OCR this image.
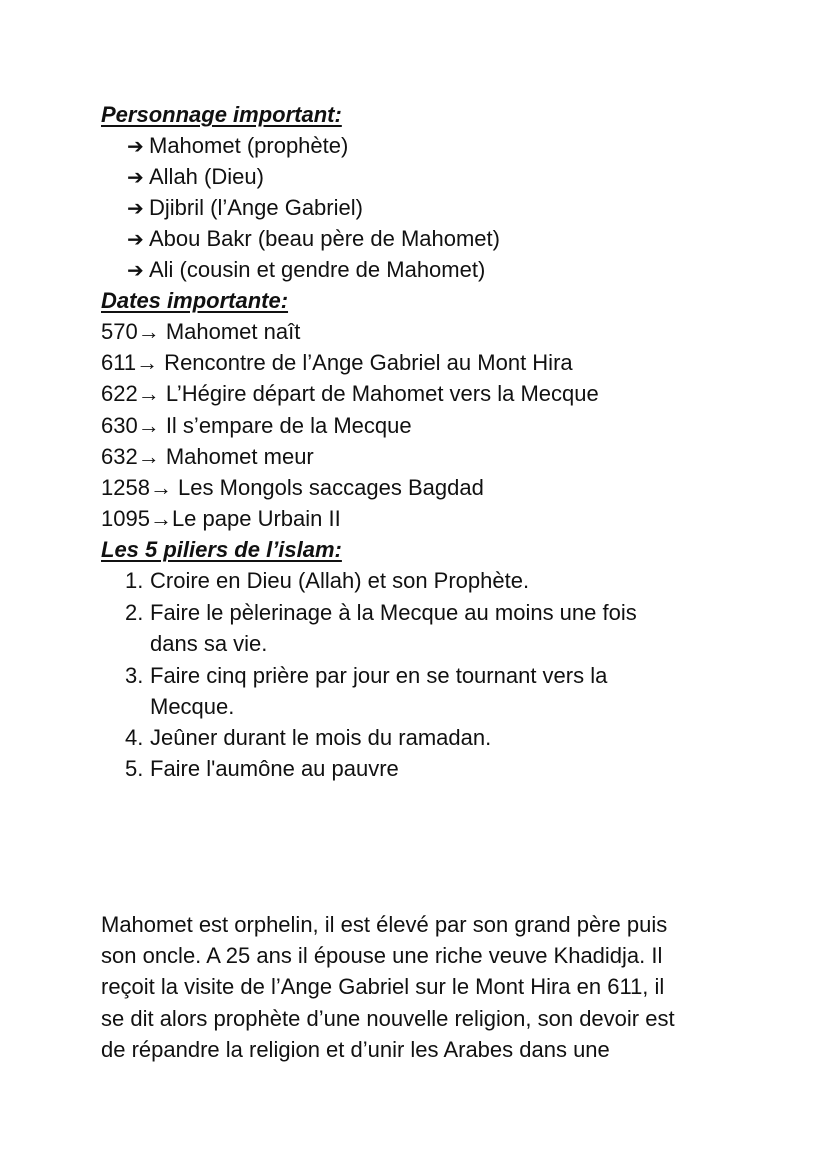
Personnage important:
➔ Mahomet (prophète)
➔ Allah (Dieu)
➔ Djibril (l’Ange Gabriel)
➔ Abou Bakr (beau père de Mahomet)
➔ Ali (cousin et gendre de Mahomet)
Dates importante:
570→ Mahomet naît
611→ Rencontre de l’Ange Gabriel au Mont Hira
622→ L’Hégire départ de Mahomet vers la Mecque
630→ Il s’empare de la Mecque
632→ Mahomet meur
1258→ Les Mongols saccages Bagdad
1095→Le pape Urbain II
Les 5 piliers de l’islam:
1. Croire en Dieu (Allah) et son Prophète.
2. Faire le pèlerinage à la Mecque au moins une fois
dans sa vie.
3. Faire cinq prière par jour en se tournant vers la
Mecque.
4. Jeûner durant le mois du ramadan.
5. Faire l'aumône au pauvre
Mahomet est orphelin, il est élevé par son grand père puis
son oncle. A 25 ans il épouse une riche veuve Khadidja. Il
reçoit la visite de l’Ange Gabriel sur le Mont Hira en 611, il
se dit alors prophète d’une nouvelle religion, son devoir est
de répandre la religion et d’unir les Arabes dans une
